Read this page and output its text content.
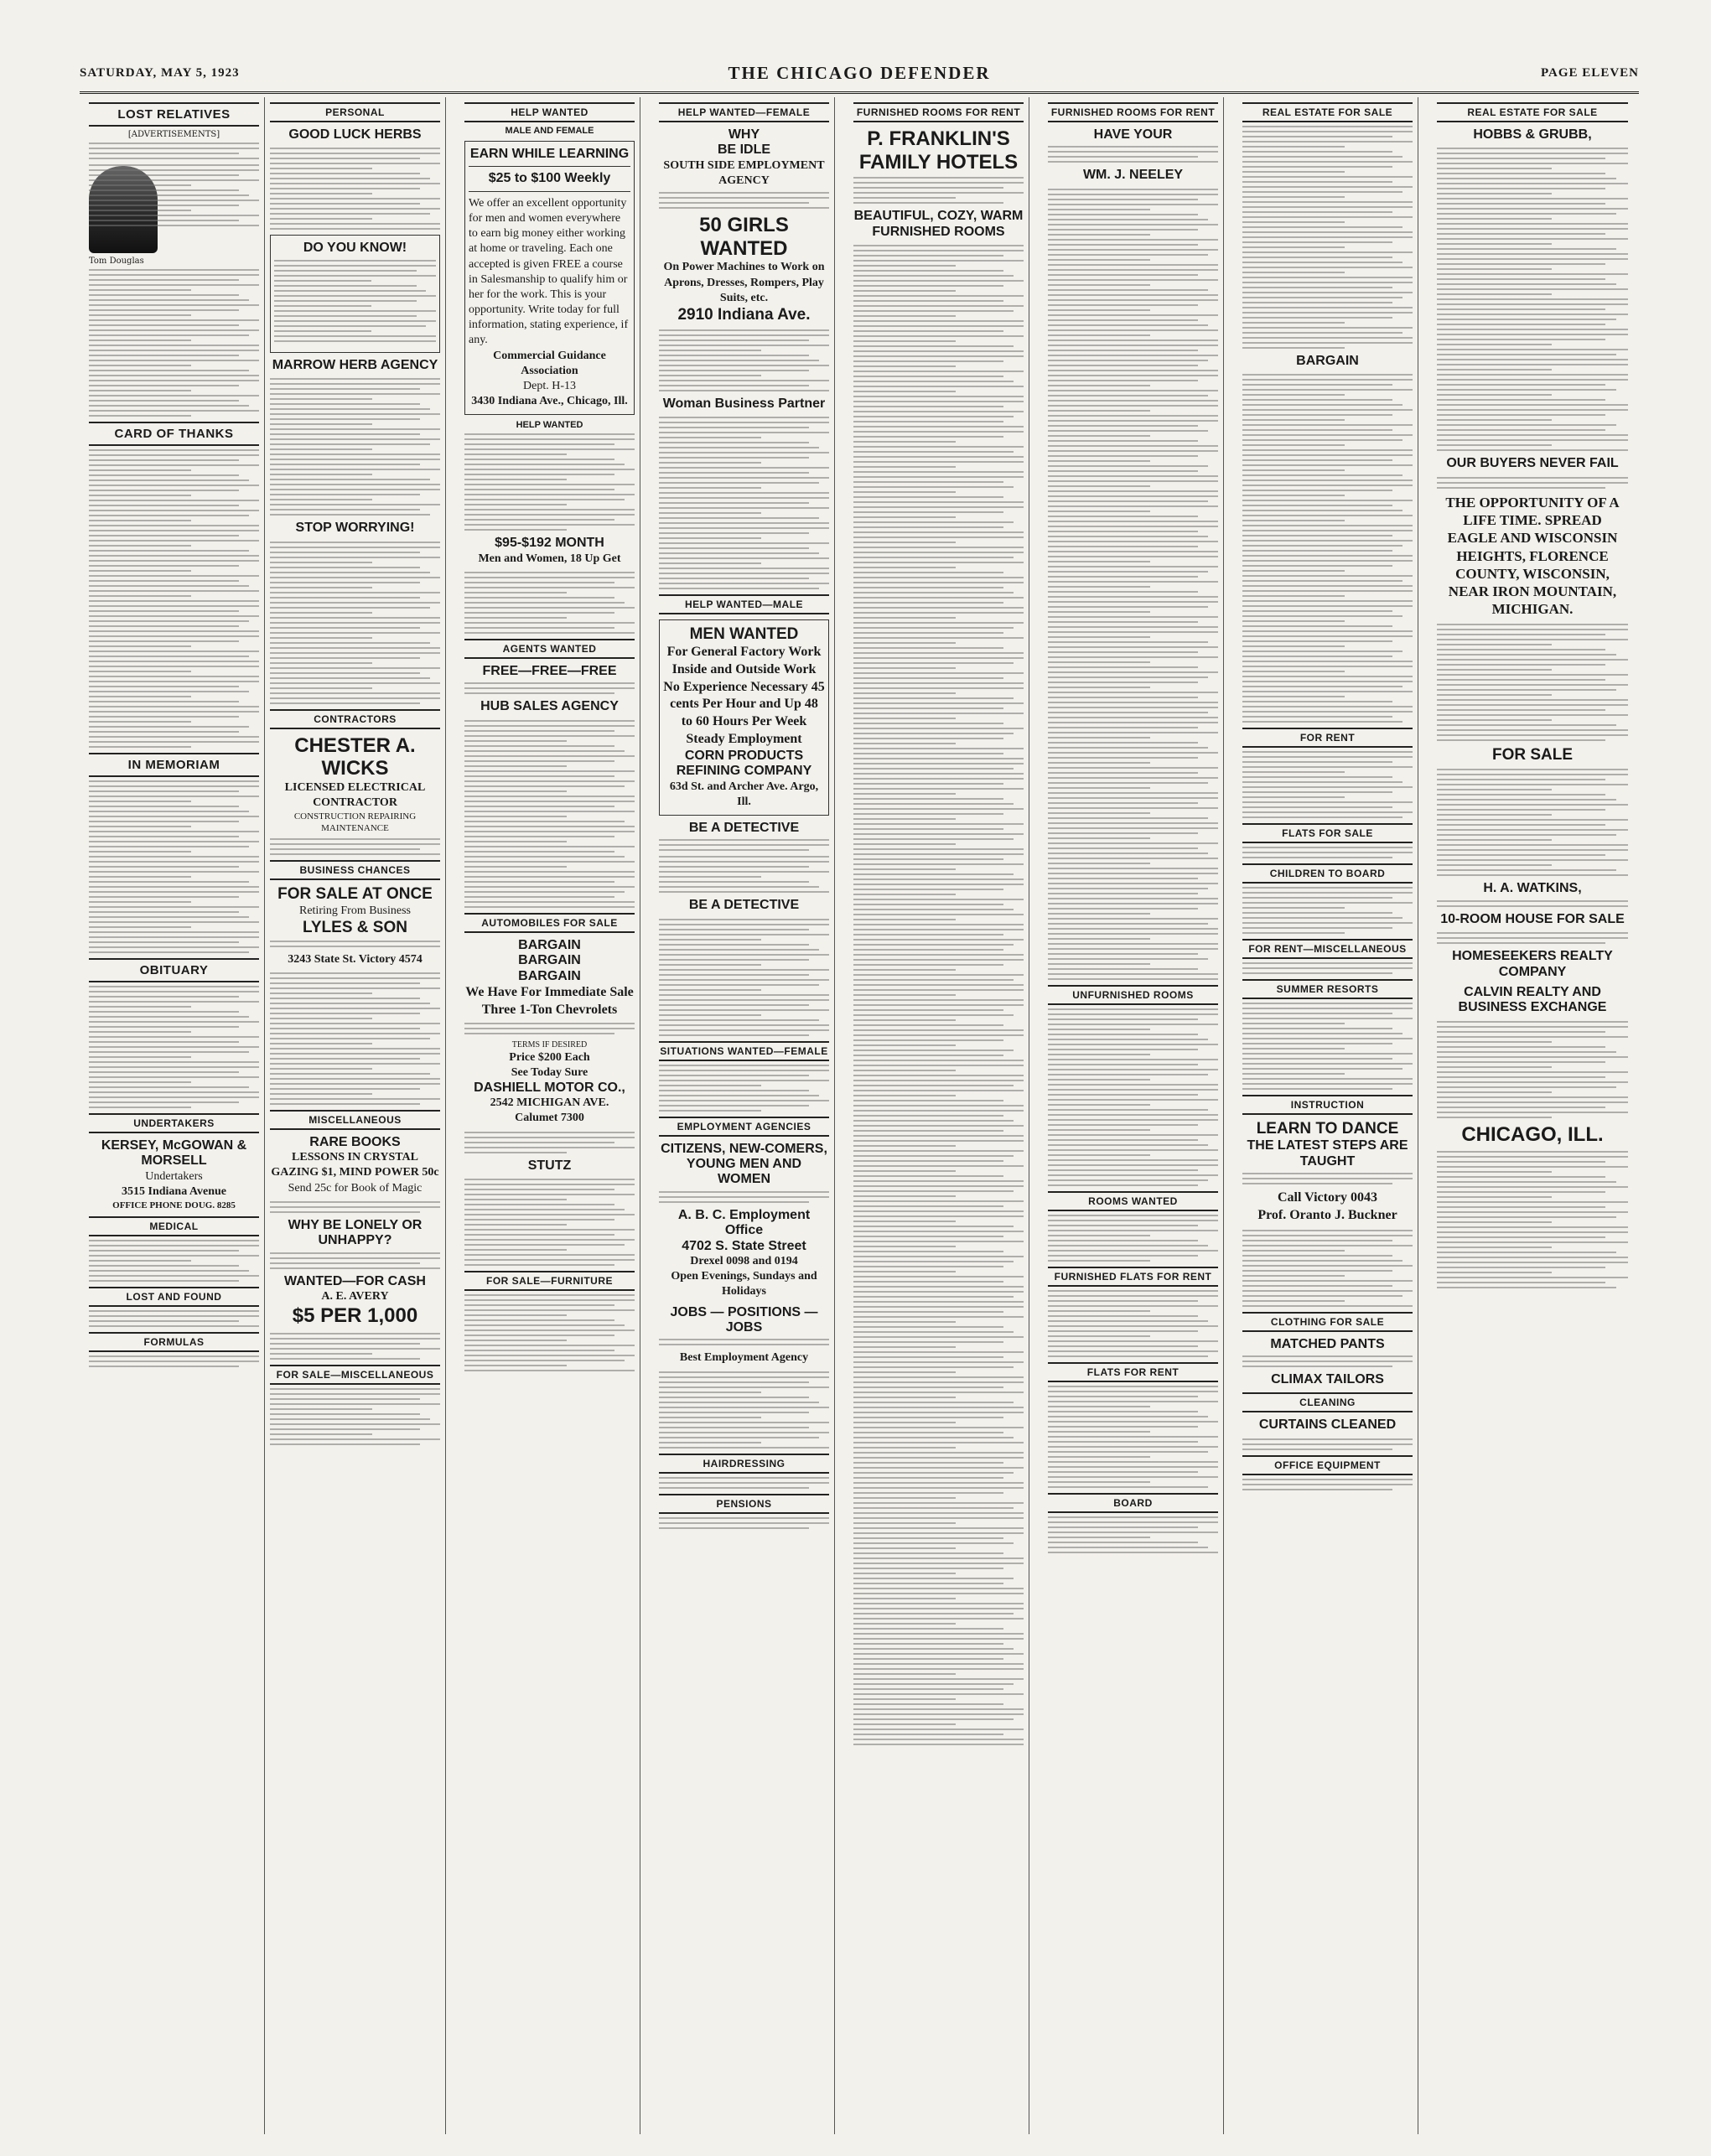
SATURDAY, MAY 5, 1923	THE CHICAGO DEFENDER	PAGE ELEVEN
LOST RELATIVES
[ADVERTISEMENTS]
Tom Douglas
CARD OF THANKS
IN MEMORIAM
OBITUARY
UNDERTAKERS
KERSEY, McGOWAN & MORSELL
Undertakers
3515 Indiana Avenue
OFFICE PHONE DOUG. 8285
MEDICAL
LOST AND FOUND
FORMULAS
PERSONAL
GOOD LUCK HERBS
DO YOU KNOW!
MARROW HERB AGENCY
STOP WORRYING!
CONTRACTORS
CHESTER A. WICKS
LICENSED ELECTRICAL CONTRACTOR
CONSTRUCTION REPAIRING MAINTENANCE
BUSINESS CHANCES
FOR SALE AT ONCE
Retiring From Business
LYLES & SON
3243 State St. Victory 4574
MISCELLANEOUS
RARE BOOKS
LESSONS IN CRYSTAL GAZING $1, MIND POWER 50c
Send 25c for Book of Magic
WHY BE LONELY OR UNHAPPY?
WANTED—FOR CASH
A. E. AVERY
$5 PER 1,000
FOR SALE—MISCELLANEOUS
HELP WANTED
MALE AND FEMALE
EARN WHILE LEARNING
$25 to $100 Weekly
We offer an excellent opportunity for men and women everywhere to earn big money either working at home or traveling. Each one accepted is given FREE a course in Salesmanship to qualify him or her for the work. This is your opportunity. Write today for full information, stating experience, if any.
Commercial Guidance Association
Dept. H-13
3430 Indiana Ave., Chicago, Ill.
HELP WANTED
$95-$192 MONTH
Men and Women, 18 Up Get
AGENTS WANTED
FREE—FREE—FREE
HUB SALES AGENCY
AUTOMOBILES FOR SALE
BARGAIN
BARGAIN
BARGAIN
We Have For Immediate Sale
Three 1-Ton Chevrolets
TERMS IF DESIRED
Price $200 Each
See Today Sure
DASHIELL MOTOR CO.,
2542 MICHIGAN AVE.
Calumet 7300
STUTZ
FOR SALE—FURNITURE
HELP WANTED—FEMALE
WHY
BE IDLE
SOUTH SIDE EMPLOYMENT AGENCY
50 GIRLS WANTED
On Power Machines to Work on Aprons, Dresses, Rompers, Play Suits, etc.
2910 Indiana Ave.
Woman Business Partner
HELP WANTED—MALE
MEN WANTED
For General Factory Work Inside and Outside Work No Experience Necessary 45 cents Per Hour and Up 48 to 60 Hours Per Week Steady Employment
CORN PRODUCTS REFINING COMPANY
63d St. and Archer Ave. Argo, Ill.
BE A DETECTIVE
BE A DETECTIVE
SITUATIONS WANTED—FEMALE
EMPLOYMENT AGENCIES
CITIZENS, NEW-COMERS, YOUNG MEN AND WOMEN
A. B. C. Employment Office
4702 S. State Street
Drexel 0098 and 0194
Open Evenings, Sundays and Holidays
JOBS — POSITIONS — JOBS
Best Employment Agency
HAIRDRESSING
PENSIONS
FURNISHED ROOMS FOR RENT
P. FRANKLIN'S
FAMILY HOTELS
BEAUTIFUL, COZY, WARM
FURNISHED ROOMS
FURNISHED ROOMS FOR RENT
HAVE YOUR
WM. J. NEELEY
UNFURNISHED ROOMS
ROOMS WANTED
FURNISHED FLATS FOR RENT
FLATS FOR RENT
BOARD
REAL ESTATE FOR SALE
BARGAIN
FOR RENT
FLATS FOR SALE
CHILDREN TO BOARD
FOR RENT—MISCELLANEOUS
SUMMER RESORTS
INSTRUCTION
LEARN TO DANCE
THE LATEST STEPS ARE TAUGHT
Call Victory 0043
Prof. Oranto J. Buckner
CLOTHING FOR SALE
MATCHED PANTS
CLIMAX TAILORS
CLEANING
CURTAINS CLEANED
OFFICE EQUIPMENT
REAL ESTATE FOR SALE
HOBBS & GRUBB,
OUR BUYERS NEVER FAIL
THE OPPORTUNITY OF A LIFE TIME. SPREAD EAGLE AND WISCONSIN HEIGHTS, FLORENCE COUNTY, WISCONSIN, NEAR IRON MOUNTAIN, MICHIGAN.
FOR SALE
H. A. WATKINS,
10-ROOM HOUSE FOR SALE
HOMESEEKERS REALTY COMPANY
CALVIN REALTY AND BUSINESS EXCHANGE
CHICAGO, ILL.
